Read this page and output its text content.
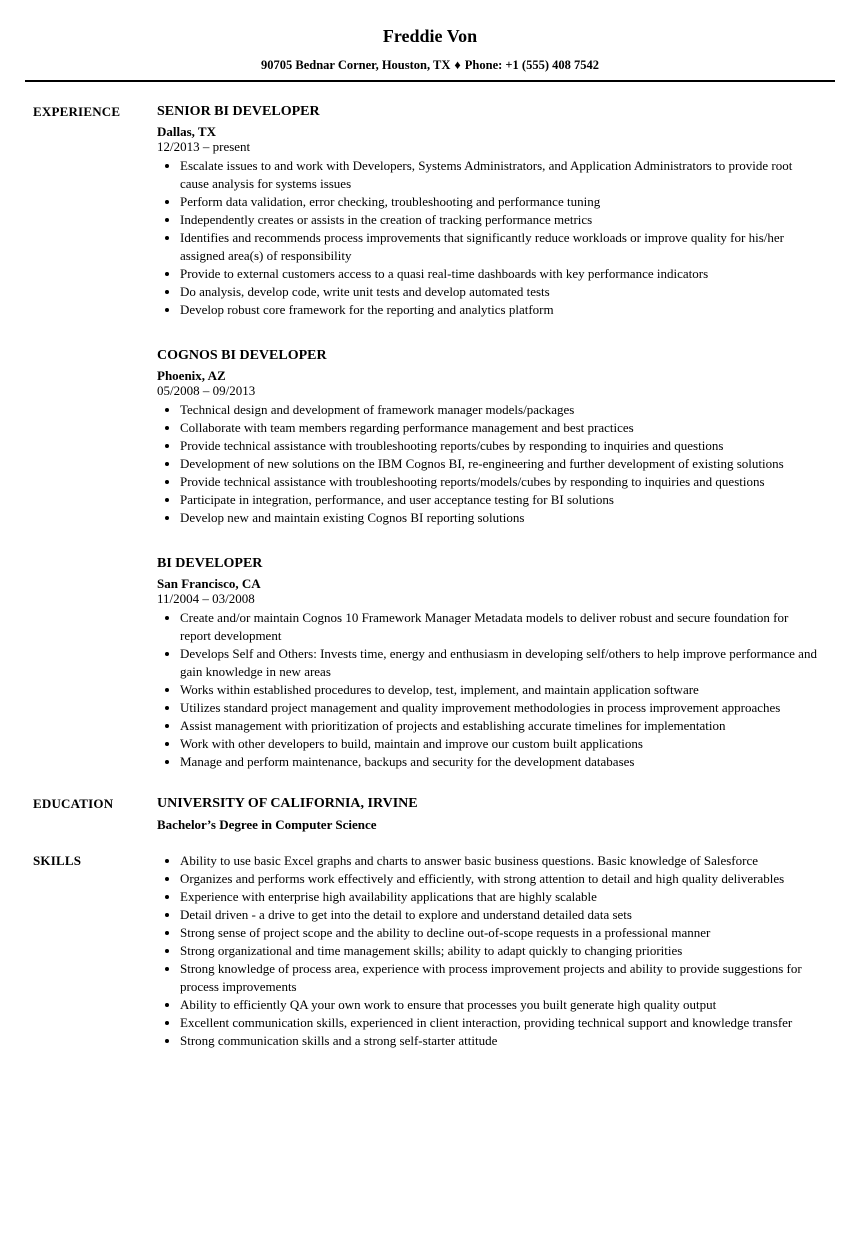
Freddie Von
90705 Bednar Corner, Houston, TX ♦ Phone: +1 (555) 408 7542
EXPERIENCE	SENIOR BI DEVELOPER
Dallas, TX
12/2013 – present
• Escalate issues to and work with Developers, Systems Administrators, and Application Administrators to provide root cause analysis for systems issues
• Perform data validation, error checking, troubleshooting and performance tuning
• Independently creates or assists in the creation of tracking performance metrics
• Identifies and recommends process improvements that significantly reduce workloads or improve quality for his/her assigned area(s) of responsibility
• Provide to external customers access to a quasi real-time dashboards with key performance indicators
• Do analysis, develop code, write unit tests and develop automated tests
• Develop robust core framework for the reporting and analytics platform
COGNOS BI DEVELOPER
Phoenix, AZ
05/2008 – 09/2013
• Technical design and development of framework manager models/packages
• Collaborate with team members regarding performance management and best practices
• Provide technical assistance with troubleshooting reports/cubes by responding to inquiries and questions
• Development of new solutions on the IBM Cognos BI, re-engineering and further development of existing solutions
• Provide technical assistance with troubleshooting reports/models/cubes by responding to inquiries and questions
• Participate in integration, performance, and user acceptance testing for BI solutions
• Develop new and maintain existing Cognos BI reporting solutions
BI DEVELOPER
San Francisco, CA
11/2004 – 03/2008
• Create and/or maintain Cognos 10 Framework Manager Metadata models to deliver robust and secure foundation for report development
• Develops Self and Others: Invests time, energy and enthusiasm in developing self/others to help improve performance and gain knowledge in new areas
• Works within established procedures to develop, test, implement, and maintain application software
• Utilizes standard project management and quality improvement methodologies in process improvement approaches
• Assist management with prioritization of projects and establishing accurate timelines for implementation
• Work with other developers to build, maintain and improve our custom built applications
• Manage and perform maintenance, backups and security for the development databases
EDUCATION	UNIVERSITY OF CALIFORNIA, IRVINE
Bachelor’s Degree in Computer Science
SKILLS	• Ability to use basic Excel graphs and charts to answer basic business questions. Basic knowledge of Salesforce
• Organizes and performs work effectively and efficiently, with strong attention to detail and high quality deliverables
• Experience with enterprise high availability applications that are highly scalable
• Detail driven - a drive to get into the detail to explore and understand detailed data sets
• Strong sense of project scope and the ability to decline out-of-scope requests in a professional manner
• Strong organizational and time management skills; ability to adapt quickly to changing priorities
• Strong knowledge of process area, experience with process improvement projects and ability to provide suggestions for process improvements
• Ability to efficiently QA your own work to ensure that processes you built generate high quality output
• Excellent communication skills, experienced in client interaction, providing technical support and knowledge transfer
• Strong communication skills and a strong self-starter attitude
